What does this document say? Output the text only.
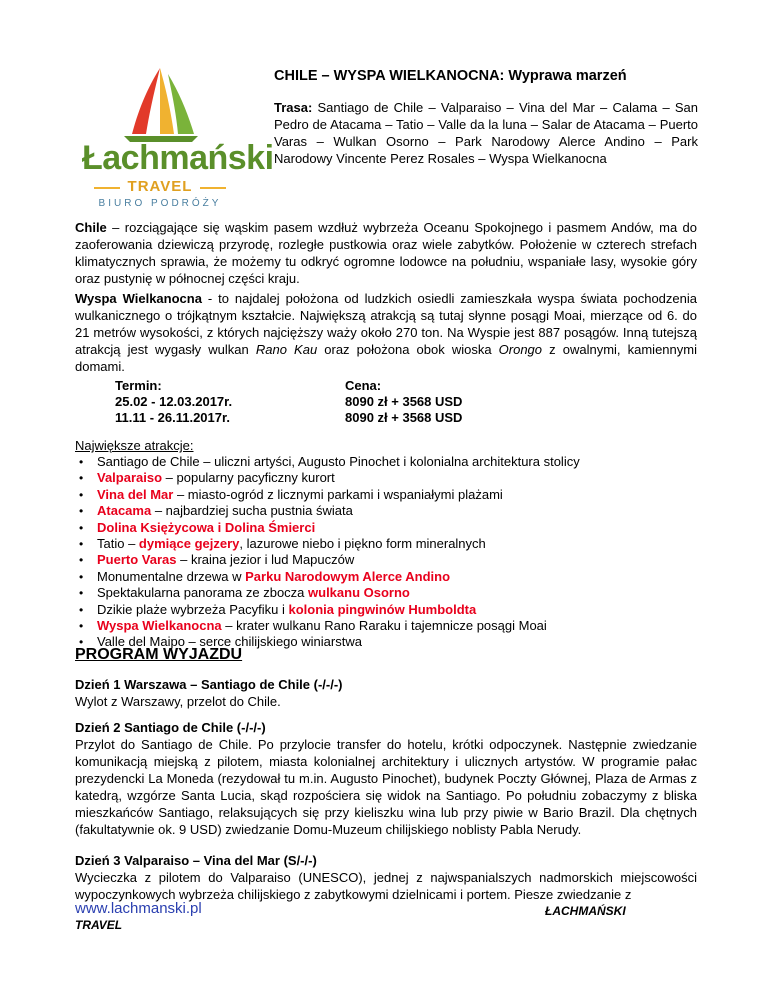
Łachmański
TRAVEL
BIURO PODRÓŻY
CHILE – WYSPA WIELKANOCNA: Wyprawa marzeń
Trasa: Santiago de Chile – Valparaiso – Vina del Mar – Calama – San Pedro de Atacama – Tatio – Valle da la luna – Salar de Atacama – Puerto Varas – Wulkan Osorno – Park Narodowy Alerce Andino – Park Narodowy Vincente Perez Rosales – Wyspa Wielkanocna

Chile – rozciągające się wąskim pasem wzdłuż wybrzeża Oceanu Spokojnego i pasmem Andów, ma do zaoferowania dziewiczą przyrodę, rozległe pustkowia oraz wiele zabytków. Położenie w czterech strefach klimatycznych sprawia, że możemy tu odkryć ogromne lodowce na południu, wspaniałe lasy, wysokie góry oraz pustynię w północnej części kraju.

Wyspa Wielkanocna - to najdalej położona od ludzkich osiedli zamieszkała wyspa świata pochodzenia wulkanicznego o trójkątnym kształcie. Największą atrakcją są tutaj słynne posągi Moai, mierzące od 6. do 21 metrów wysokości, z których najcięższy waży około 270 ton. Na Wyspie jest 887 posągów. Inną tutejszą atrakcją jest wygasły wulkan Rano Kau oraz położona obok wioska Orongo z owalnymi, kamiennymi domami.

Termin:
25.02 - 12.03.2017r.
11.11 - 26.11.2017r.
Cena:
8090 zł + 3568 USD
8090 zł + 3568 USD
Największe atrakcje:
• Santiago de Chile – uliczni artyści, Augusto Pinochet i kolonialna architektura stolicy
• Valparaiso – popularny pacyficzny kurort
• Vina del Mar – miasto-ogród z licznymi parkami i wspaniałymi plażami
• Atacama – najbardziej sucha pustnia świata
• Dolina Księżycowa i Dolina Śmierci
• Tatio – dymiące gejzery, lazurowe niebo i piękno form mineralnych
• Puerto Varas – kraina jezior i lud Mapuczów
• Monumentalne drzewa w Parku Narodowym Alerce Andino
• Spektakularna panorama ze zbocza wulkanu Osorno
• Dzikie plaże wybrzeża Pacyfiku i kolonia pingwinów Humboldta
• Wyspa Wielkanocna – krater wulkanu Rano Raraku i tajemnicze posągi Moai
• Valle del Maipo – serce chilijskiego winiarstwa
PROGRAM WYJAZDU
Dzień 1 Warszawa – Santiago de Chile (-/-/-)

Wylot z Warszawy, przelot do Chile.

Dzień 2 Santiago de Chile (-/-/-)

Przylot do Santiago de Chile. Po przylocie transfer do hotelu, krótki odpoczynek. Następnie zwiedzanie komunikacją miejską z pilotem, miasta kolonialnej architektury i ulicznych artystów. W programie pałac prezydencki La Moneda (rezydował tu m.in. Augusto Pinochet), budynek Poczty Głównej, Plaza de Armas z katedrą, wzgórze Santa Lucia, skąd rozpościera się widok na Santiago. Po południu zobaczymy z bliska mieszkańców Santiago, relaksujących się przy kieliszku wina lub przy piwie w Bario Brazil. Dla chętnych (fakultatywnie ok. 9 USD) zwiedzanie Domu-Muzeum chilijskiego noblisty Pabla Nerudy.

Dzień 3 Valparaiso – Vina del Mar (S/-/-)

Wycieczka z pilotem do Valparaiso (UNESCO), jednej z najwspanialszych nadmorskich miejscowości wypoczynkowych wybrzeża chilijskiego z zabytkowymi dzielnicami i portem. Piesze zwiedzanie z

www.lachmanski.pl	ŁACHMAŃSKI
TRAVEL
